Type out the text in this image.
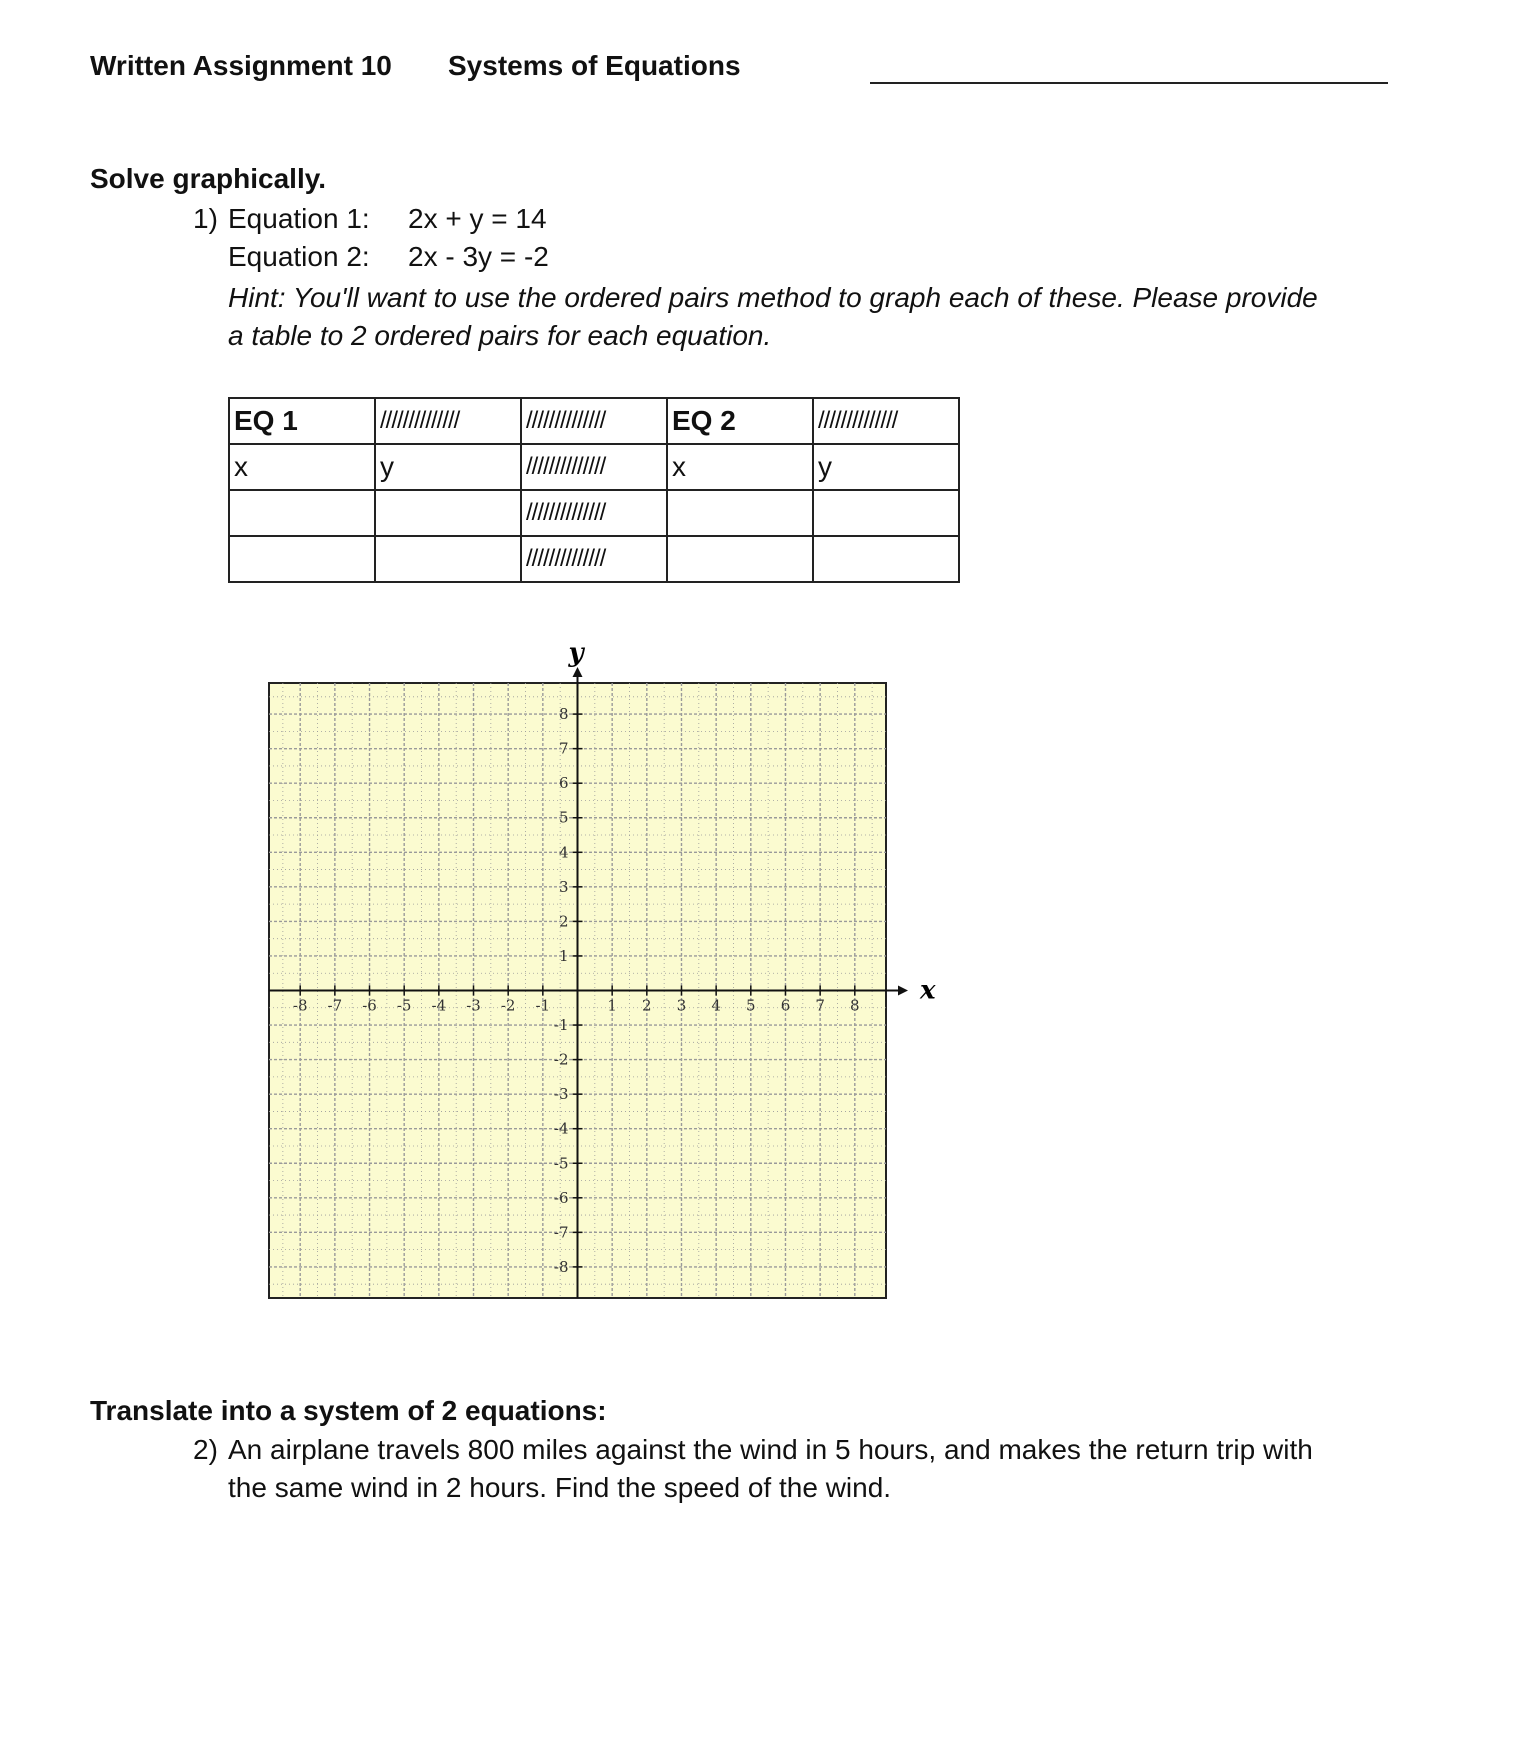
Written Assignment 10 Systems of Equations
Solve graphically.
1) Equation 1: 2x + y = 14
Equation 2: 2x - 3y = -2
Hint: You'll want to use the ordered pairs method to graph each of these. Please provide
a table to 2 ordered pairs for each equation.
EQ 1	//////////////	//////////////	EQ 2	//////////////
x	y	//////////////	x	y
		//////////////		
		//////////////		
x
y
-8 -7 -6 -5 -4 -3 -2 -1	1 2 3 4 5 6 7 8
8
7
6
5
4
3
2
1
-1
-2
-3
-4
-5
-6
-7
-8
Translate into a system of 2 equations:
2) An airplane travels 800 miles against the wind in 5 hours, and makes the return trip with
the same wind in 2 hours. Find the speed of the wind.
